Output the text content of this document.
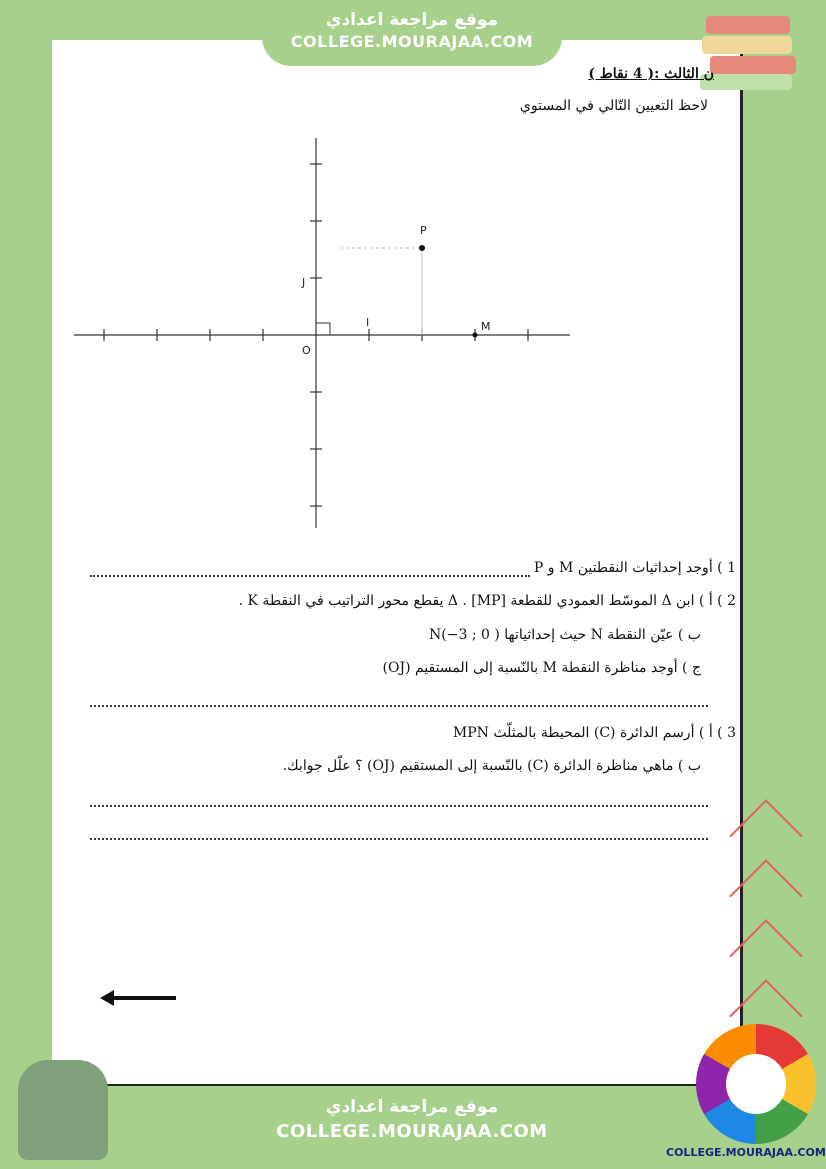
موقع مراجعة اعدادي
COLLEGE.MOURAJAA.COM
موقع مراجعة اعدادي
COLLEGE.MOURAJAA.COM
ن الثالث :( 4 نقاط )
لاحظ التعيين التّالي في المستوي
O
I
J
M
P
1 ) أوجد إحداثيات النقطتين M و P
2 ) أ ) ابن Δ الموسّط العمودي للقطعة [MP] . Δ يقطع محور التراتيب في النقطة K .
ب ) عيّن النقطة N حيث إحداثياتها ( N(−3 ; 0
ج ) أوجد مناظرة النقطة M بالنّسبة إلى المستقيم (OJ)
3 ) أ ) أرسم الدائرة (C) المحيطة بالمثلّث MPN
ب ) ماهي مناظرة الدائرة (C) بالنّسبة إلى المستقيم (OJ) ؟ علّل جوابك.
COLLEGE.MOURAJAA.COM
